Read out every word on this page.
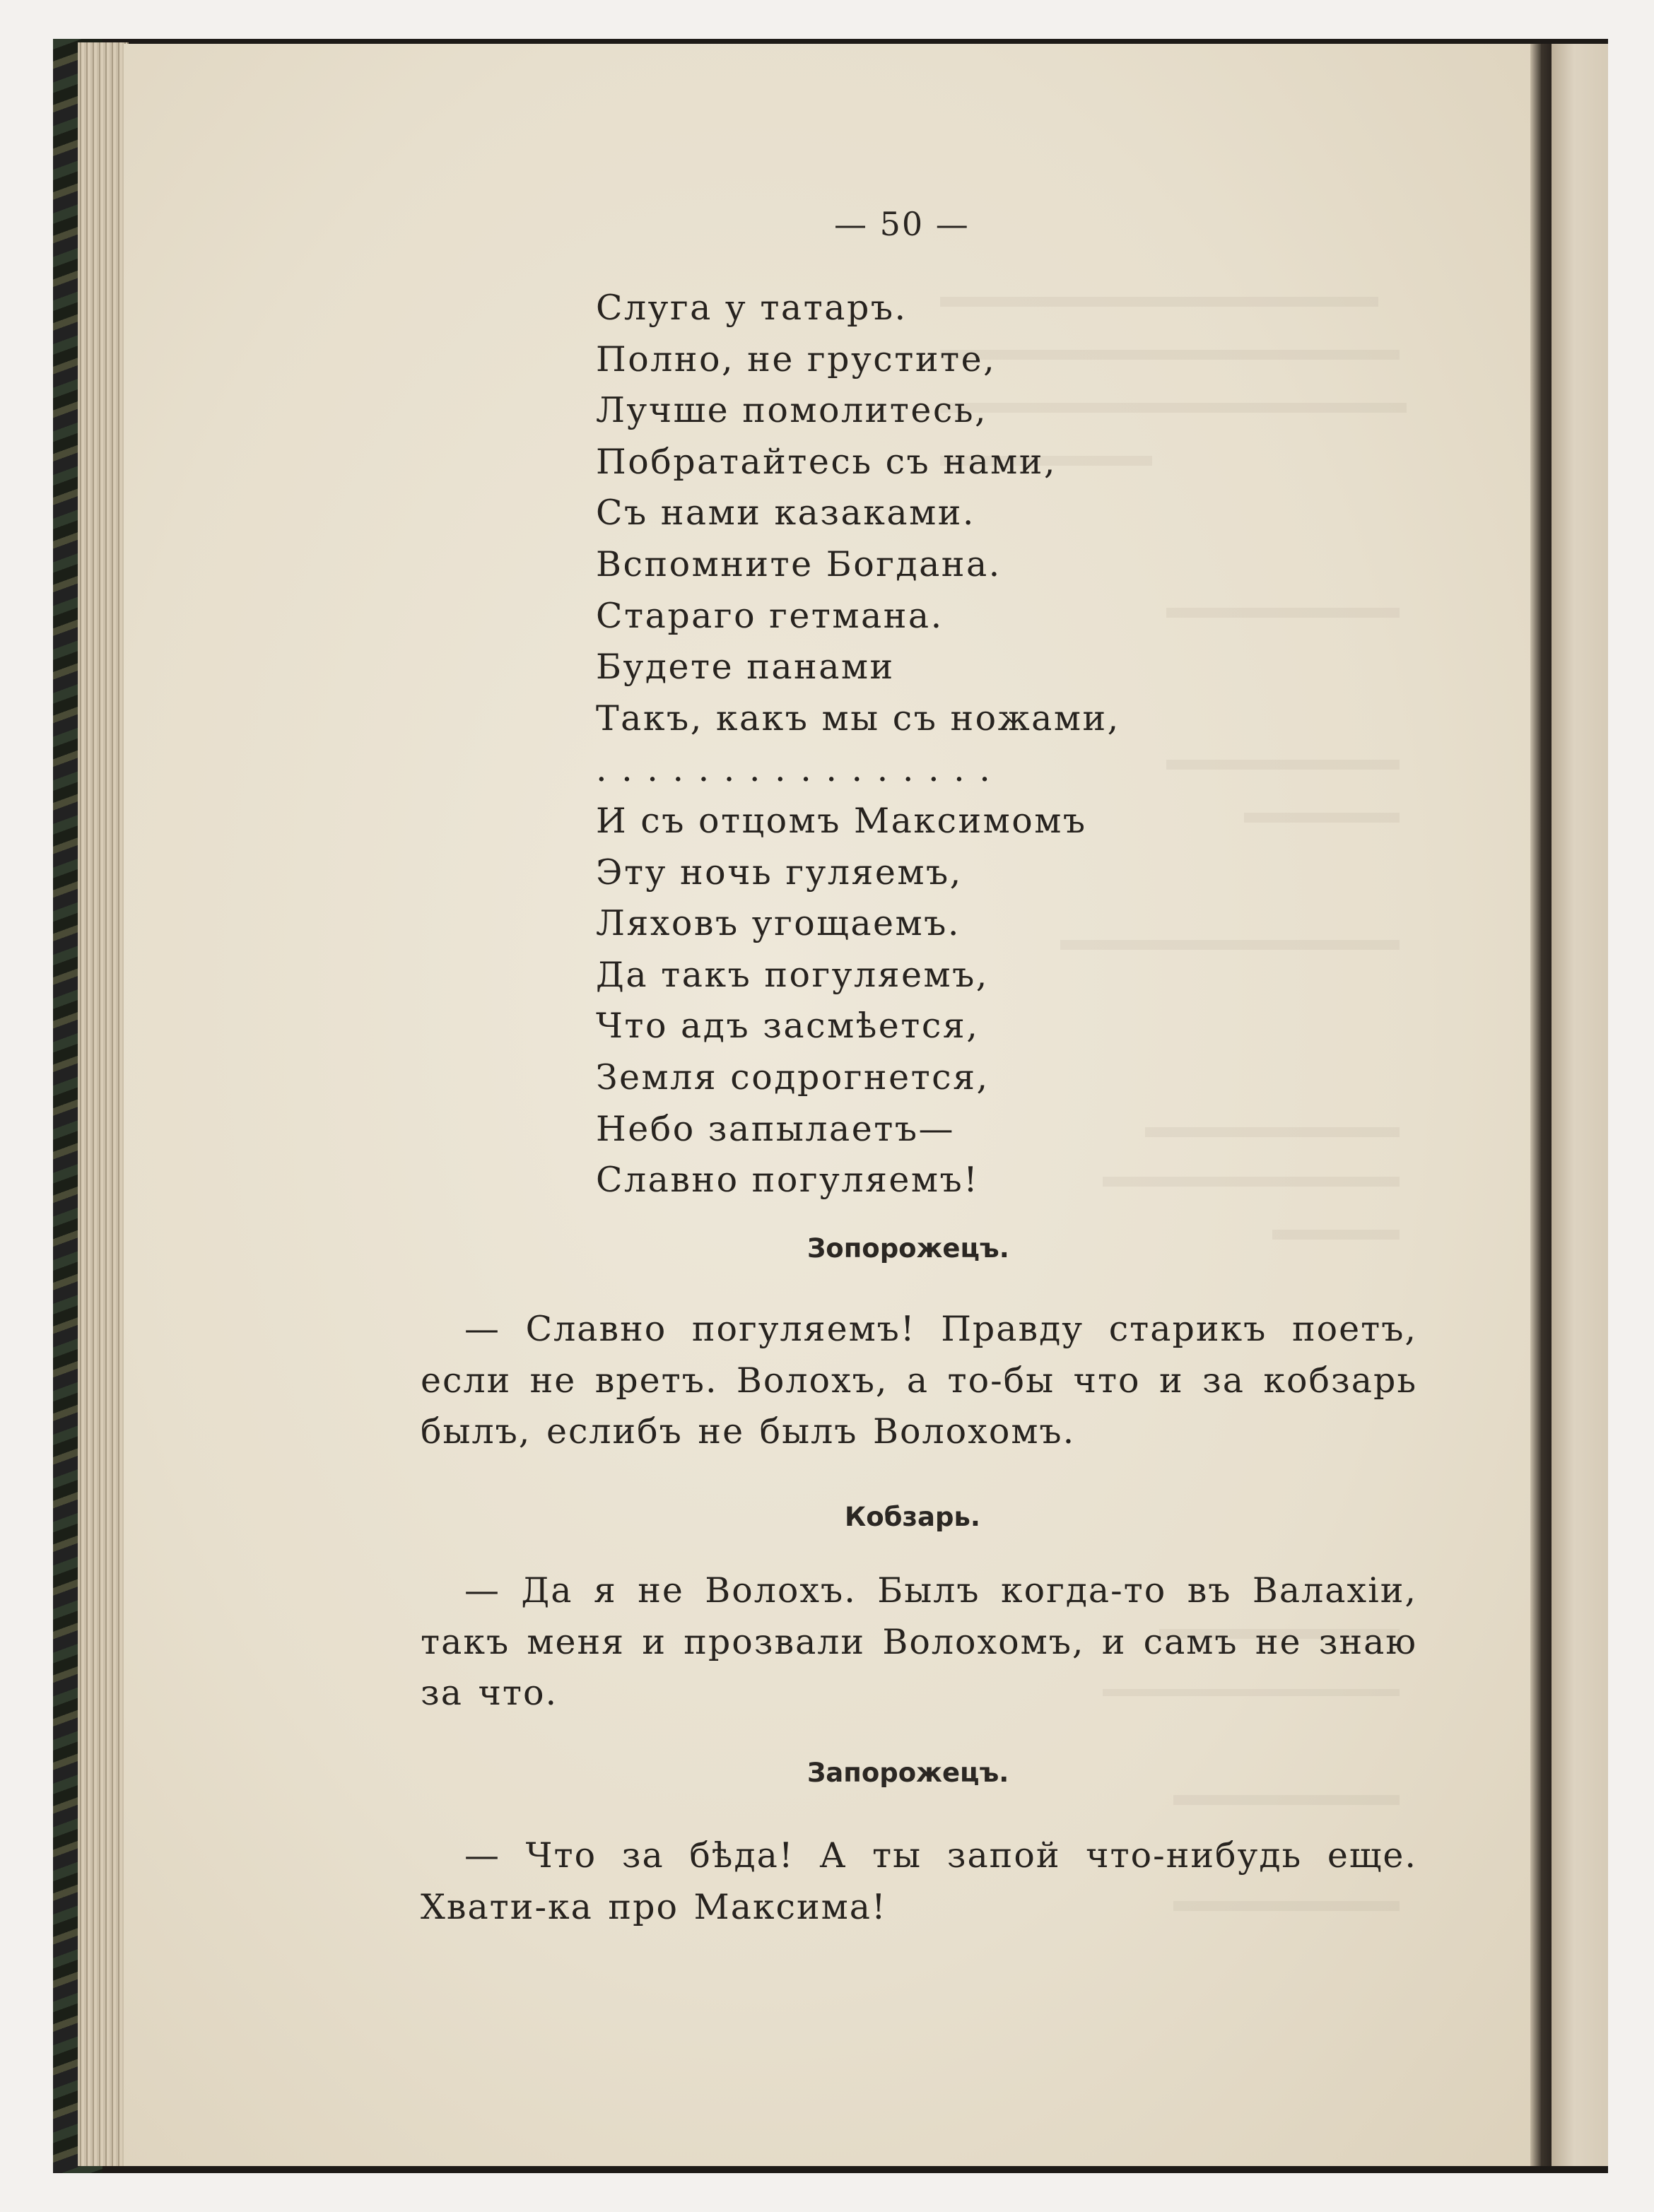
— 50 —
Слуга у татаръ.
Полно, не грустите,
Лучше помолитесь,
Побратайтесь съ нами,
Съ нами казаками.
Вспомните Богдана.
Стараго гетмана.
Будете панами
Такъ, какъ мы съ ножами,
. . . . . . . . . . . . . . . .
И съ отцомъ Максимомъ
Эту ночь гуляемъ,
Ляховъ угощаемъ.
Да такъ погуляемъ,
Что адъ засмѣется,
Земля содрогнется,
Небо запылаетъ—
Славно погуляемъ!
Зопорожецъ.

— Славно погуляемъ! Правду старикъ поетъ, если не вретъ. Волохъ, а то-бы что и за кобзарь былъ, еслибъ не былъ Волохомъ.

Кобзарь.

— Да я не Волохъ. Былъ когда-то въ Валахіи, такъ меня и прозвали Волохомъ, и самъ не знаю за что.

Запорожецъ.

— Что за бѣда! А ты запой что-нибудь еще. Хвати-ка про Максима!
